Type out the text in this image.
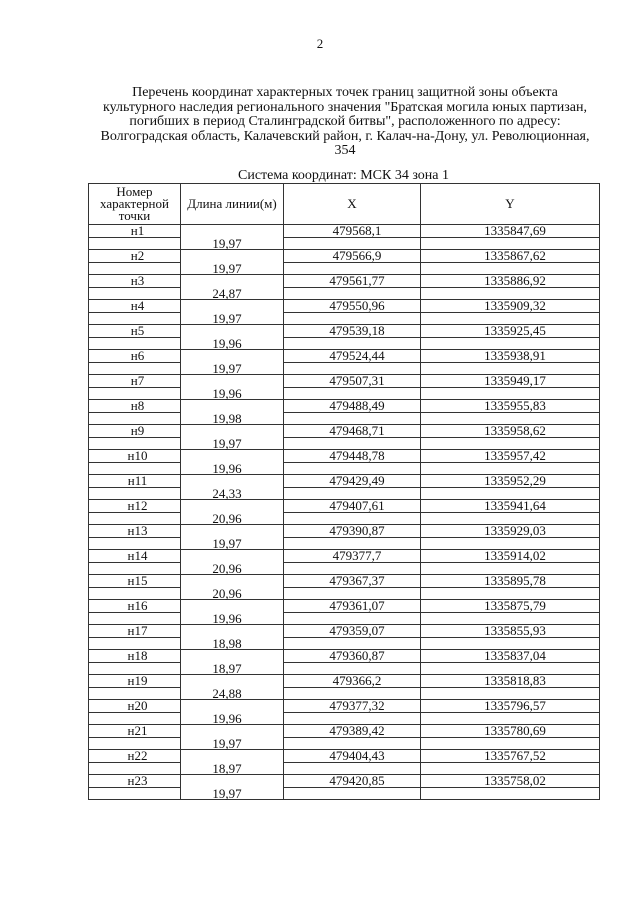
2
Перечень координат характерных точек границ защитной зоны объекта культурного наследия регионального значения "Братская могила юных партизан, погибших в период Сталинградской битвы", расположенного по адресу: Волгоградская область, Калачевский район, г. Калач-на-Дону, ул. Революционная, 354
Система координат: МСК 34 зона 1
Номер характерной точки	Длина линии(м)	X	Y
н1		479568,1	1335847,69
	19,97		
н2		479566,9	1335867,62
	19,97		
н3		479561,77	1335886,92
	24,87		
н4		479550,96	1335909,32
	19,97		
н5		479539,18	1335925,45
	19,96		
н6		479524,44	1335938,91
	19,97		
н7		479507,31	1335949,17
	19,96		
н8		479488,49	1335955,83
	19,98		
н9		479468,71	1335958,62
	19,97		
н10		479448,78	1335957,42
	19,96		
н11		479429,49	1335952,29
	24,33		
н12		479407,61	1335941,64
	20,96		
н13		479390,87	1335929,03
	19,97		
н14		479377,7	1335914,02
	20,96		
н15		479367,37	1335895,78
	20,96		
н16		479361,07	1335875,79
	19,96		
н17		479359,07	1335855,93
	18,98		
н18		479360,87	1335837,04
	18,97		
н19		479366,2	1335818,83
	24,88		
н20		479377,32	1335796,57
	19,96		
н21		479389,42	1335780,69
	19,97		
н22		479404,43	1335767,52
	18,97		
н23		479420,85	1335758,02
	19,97		
